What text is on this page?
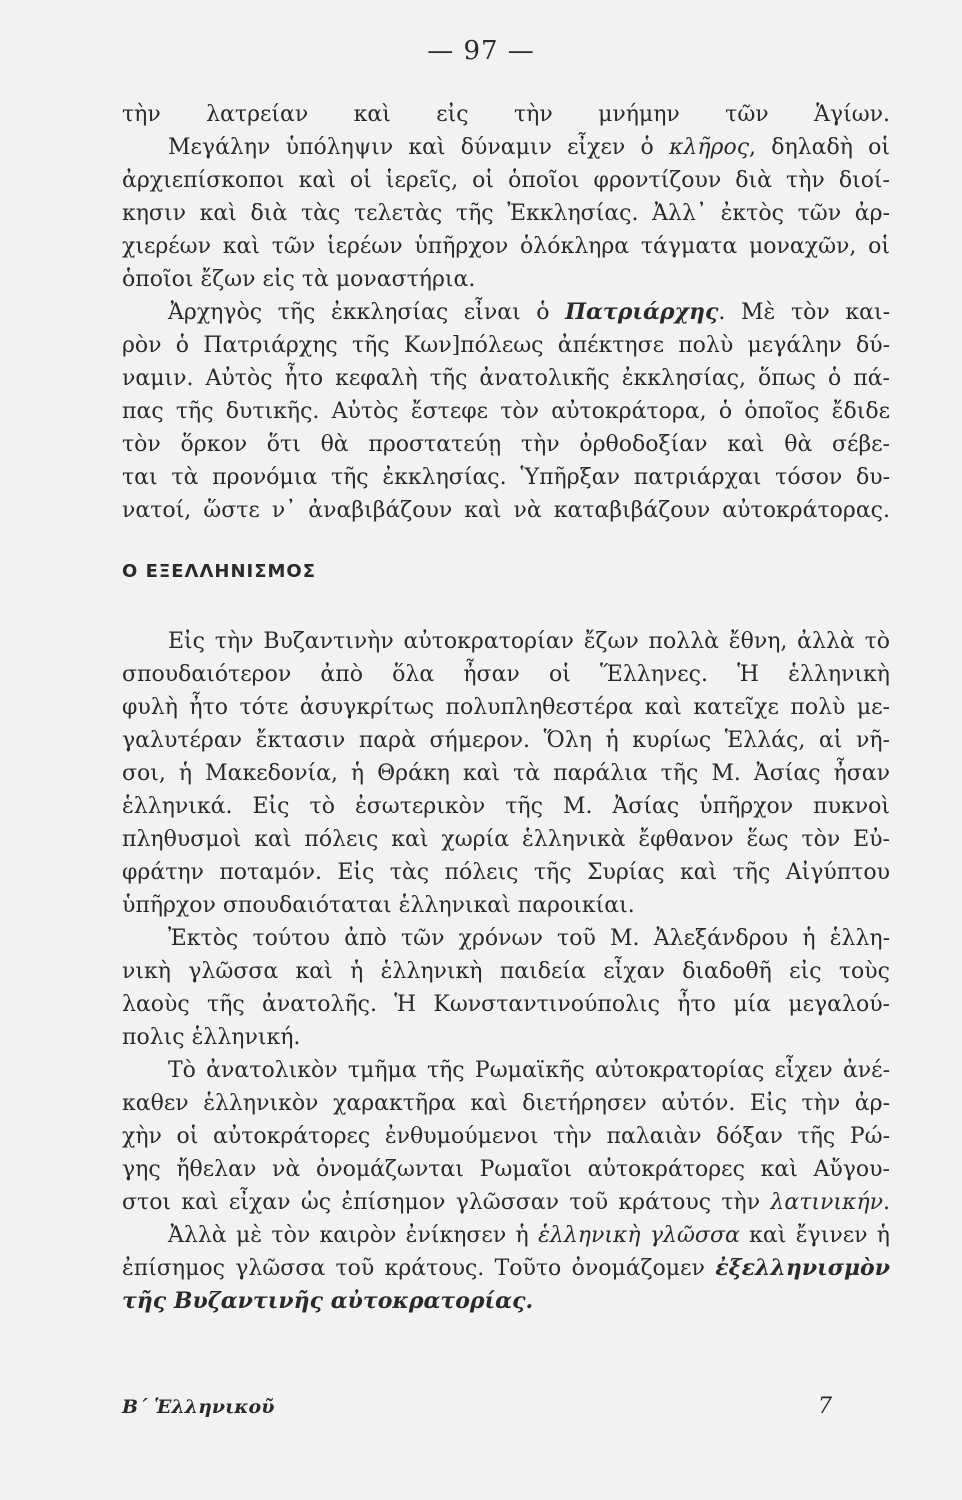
— 97 —
τὴν λατρείαν καὶ εἰς τὴν μνήμην τῶν Ἁγίων.
Μεγάλην ὑπόληψιν καὶ δύναμιν εἶχεν ὁ κλῆρος, δηλαδὴ οἱ
ἀρχιεπίσκοποι καὶ οἱ ἱερεῖς, οἱ ὁποῖοι φροντίζουν διὰ τὴν διοί-
κησιν καὶ διὰ τὰς τελετὰς τῆς Ἐκκλησίας. Ἀλλ᾽ ἐκτὸς τῶν ἀρ-
χιερέων καὶ τῶν ἱερέων ὑπῆρχον ὁλόκληρα τάγματα μοναχῶν, οἱ
ὁποῖοι ἔζων εἰς τὰ μοναστήρια.
Ἀρχηγὸς τῆς ἐκκλησίας εἶναι ὁ Πατριάρχης. Μὲ τὸν και-
ρὸν ὁ Πατριάρχης τῆς Κων]πόλεως ἀπέκτησε πολὺ μεγάλην δύ-
ναμιν. Αὐτὸς ἦτο κεφαλὴ τῆς ἀνατολικῆς ἐκκλησίας, ὅπως ὁ πά-
πας τῆς δυτικῆς. Αὐτὸς ἔστεφε τὸν αὐτοκράτορα, ὁ ὁποῖος ἔδιδε
τὸν ὅρκον ὅτι θὰ προστατεύῃ τὴν ὀρθοδοξίαν καὶ θὰ σέβε-
ται τὰ προνόμια τῆς ἐκκλησίας. Ὑπῆρξαν πατριάρχαι τόσον δυ-
νατοί, ὥστε ν᾽ ἀναβιβάζουν καὶ νὰ καταβιβάζουν αὐτοκράτορας.
Ο ΕΞΕΛΛΗΝΙΣΜΟΣ
Εἰς τὴν Βυζαντινὴν αὐτοκρατορίαν ἔζων πολλὰ ἔθνη, ἀλλὰ τὸ
σπουδαιότερον ἀπὸ ὅλα ἦσαν οἱ Ἕλληνες. Ἡ ἑλληνικὴ
φυλὴ ἦτο τότε ἀσυγκρίτως πολυπληθεστέρα καὶ κατεῖχε πολὺ με-
γαλυτέραν ἔκτασιν παρὰ σήμερον. Ὅλη ἡ κυρίως Ἑλλάς, αἱ νῆ-
σοι, ἡ Μακεδονία, ἡ Θράκη καὶ τὰ παράλια τῆς Μ. Ἀσίας ἦσαν
ἑλληνικά. Εἰς τὸ ἐσωτερικὸν τῆς Μ. Ἀσίας ὑπῆρχον πυκνοὶ
πληθυσμοὶ καὶ πόλεις καὶ χωρία ἑλληνικὰ ἔφθανον ἕως τὸν Εὐ-
φράτην ποταμόν. Εἰς τὰς πόλεις τῆς Συρίας καὶ τῆς Αἰγύπτου
ὑπῆρχον σπουδαιόταται ἑλληνικαὶ παροικίαι.
Ἐκτὸς τούτου ἀπὸ τῶν χρόνων τοῦ Μ. Ἀλεξάνδρου ἡ ἑλλη-
νικὴ γλῶσσα καὶ ἡ ἑλληνικὴ παιδεία εἶχαν διαδοθῆ εἰς τοὺς
λαοὺς τῆς ἀνατολῆς. Ἡ Κωνσταντινούπολις ἦτο μία μεγαλού-
πολις ἑλληνική.
Τὸ ἀνατολικὸν τμῆμα τῆς Ρωμαϊκῆς αὐτοκρατορίας εἶχεν ἀνέ-
καθεν ἑλληνικὸν χαρακτῆρα καὶ διετήρησεν αὐτόν. Εἰς τὴν ἀρ-
χὴν οἱ αὐτοκράτορες ἐνθυμούμενοι τὴν παλαιὰν δόξαν τῆς Ρώ-
γης ἤθελαν νὰ ὀνομάζωνται Ρωμαῖοι αὐτοκράτορες καὶ Αὔγου-
στοι καὶ εἶχαν ὡς ἐπίσημον γλῶσσαν τοῦ κράτους τὴν λατινικήν.
Ἀλλὰ μὲ τὸν καιρὸν ἐνίκησεν ἡ ἑλληνικὴ γλῶσσα καὶ ἔγινεν ἡ
ἐπίσημος γλῶσσα τοῦ κράτους. Τοῦτο ὀνομάζομεν ἐξελληνισμὸν
τῆς Βυζαντινῆς αὐτοκρατορίας.
Β΄ Ἑλληνικοῦ	7
